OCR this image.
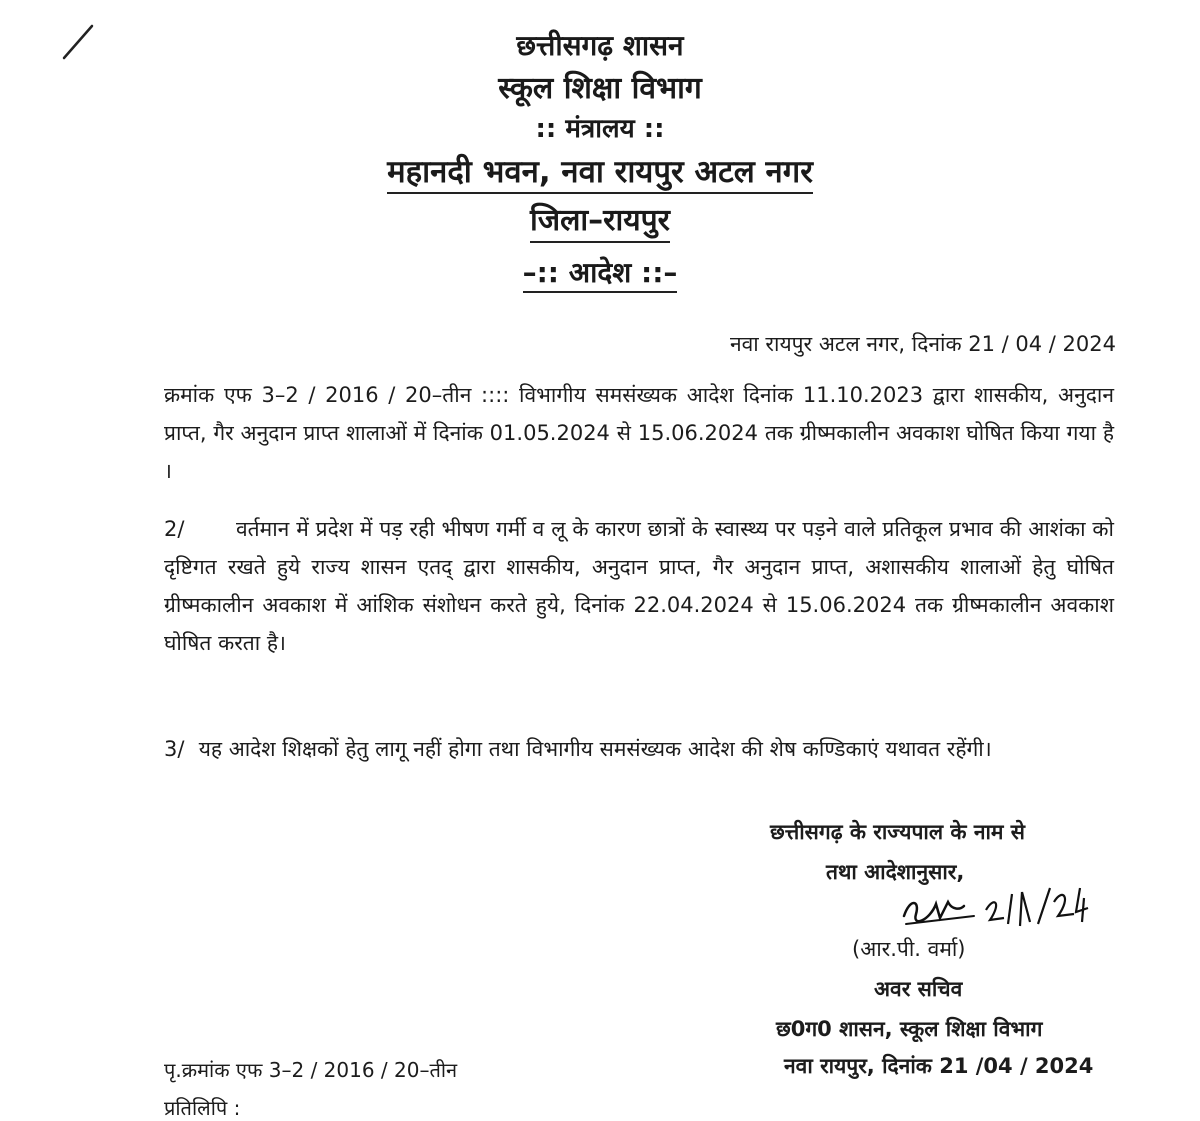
छत्तीसगढ़ शासन
स्कूल शिक्षा विभाग
:: मंत्रालय ::
महानदी भवन, नवा रायपुर अटल नगर
जिला–रायपुर
–:: आदेश ::–
नवा रायपुर अटल नगर, दिनांक 21 / 04 / 2024
क्रमांक एफ 3–2 / 2016 / 20–तीन :::: विभागीय समसंख्यक आदेश दिनांक 11.10.2023 द्वारा शासकीय, अनुदान प्राप्त, गैर अनुदान प्राप्त शालाओं में दिनांक 01.05.2024 से 15.06.2024 तक ग्रीष्मकालीन अवकाश घोषित किया गया है ।
2/ वर्तमान में प्रदेश में पड़ रही भीषण गर्मी व लू के कारण छात्रों के स्वास्थ्य पर पड़ने वाले प्रतिकूल प्रभाव की आशंका को दृष्टिगत रखते हुये राज्य शासन एतद् द्वारा शासकीय, अनुदान प्राप्त, गैर अनुदान प्राप्त, अशासकीय शालाओं हेतु घोषित ग्रीष्मकालीन अवकाश में आंशिक संशोधन करते हुये, दिनांक 22.04.2024 से 15.06.2024 तक ग्रीष्मकालीन अवकाश घोषित करता है।
3/ यह आदेश शिक्षकों हेतु लागू नहीं होगा तथा विभागीय समसंख्यक आदेश की शेष कण्डिकाएं यथावत रहेंगी।
छत्तीसगढ़ के राज्यपाल के नाम से
तथा आदेशानुसार,
(आर.पी. वर्मा)
अवर सचिव
छ0ग0 शासन, स्कूल शिक्षा विभाग
नवा रायपुर, दिनांक 21 /04 / 2024
पृ.क्रमांक एफ 3–2 / 2016 / 20–तीन
प्रतिलिपि :
